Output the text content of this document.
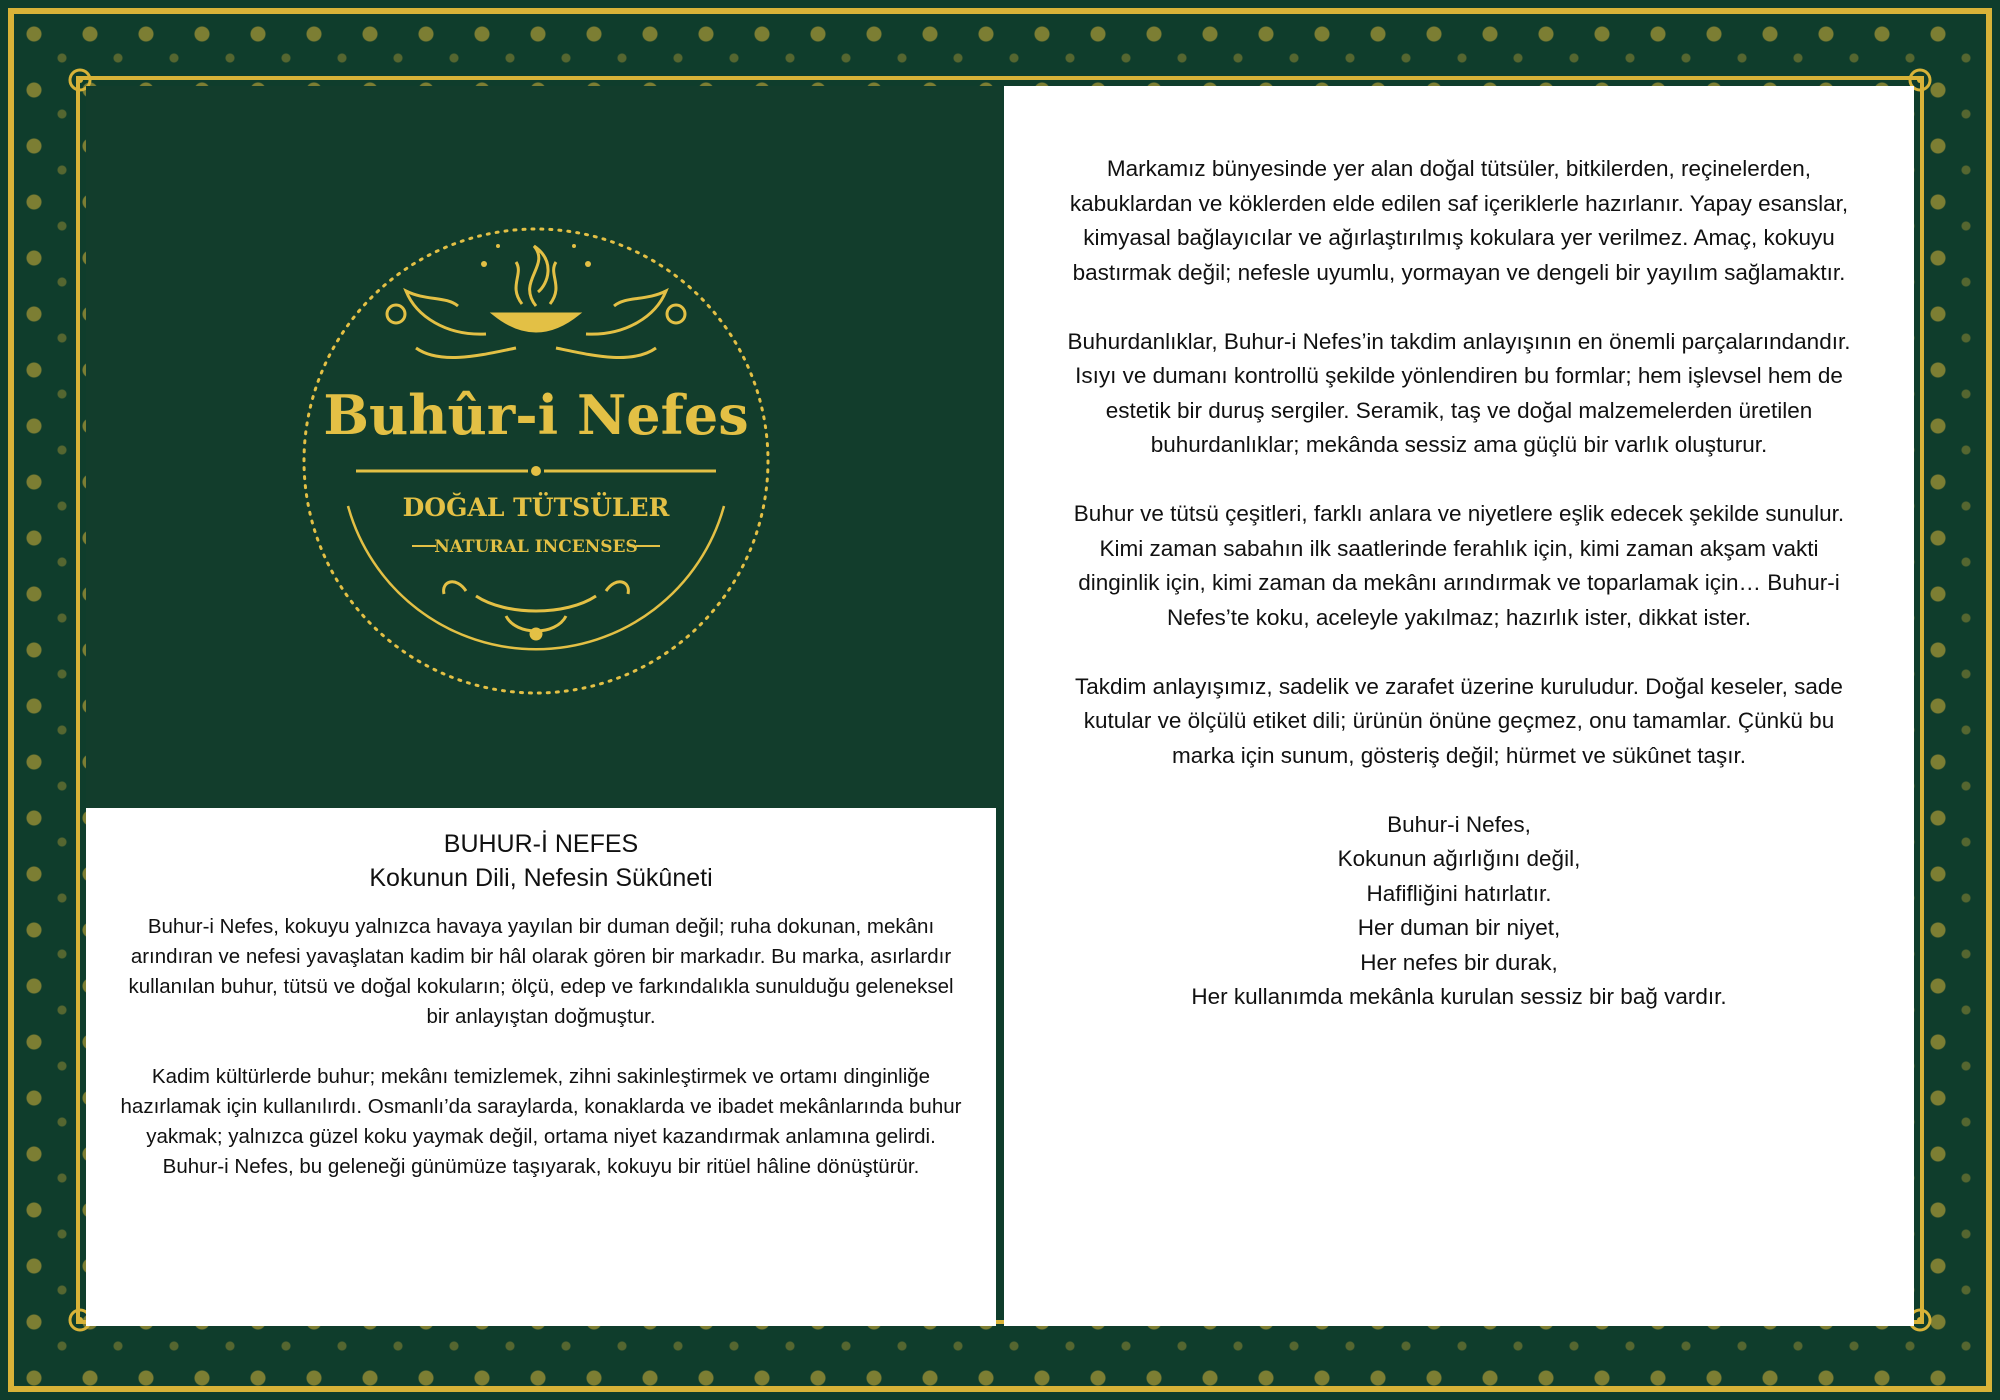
Buhûr-i Nefes
DOĞAL TÜTSÜLER
NATURAL INCENSES
BUHUR-İ NEFES
Kokunun Dili, Nefesin Sükûneti

Buhur-i Nefes, kokuyu yalnızca havaya yayılan bir duman değil; ruha dokunan, mekânı arındıran ve nefesi yavaşlatan kadim bir hâl olarak gören bir markadır. Bu marka, asırlardır kullanılan buhur, tütsü ve doğal kokuların; ölçü, edep ve farkındalıkla sunulduğu geleneksel bir anlayıştan doğmuştur.

Kadim kültürlerde buhur; mekânı temizlemek, zihni sakinleştirmek ve ortamı dinginliğe hazırlamak için kullanılırdı. Osmanlı’da saraylarda, konaklarda ve ibadet mekânlarında buhur yakmak; yalnızca güzel koku yaymak değil, ortama niyet kazandırmak anlamına gelirdi. Buhur-i Nefes, bu geleneği günümüze taşıyarak, kokuyu bir ritüel hâline dönüştürür.

Markamız bünyesinde yer alan doğal tütsüler, bitkilerden, reçinelerden, kabuklardan ve köklerden elde edilen saf içeriklerle hazırlanır. Yapay esanslar, kimyasal bağlayıcılar ve ağırlaştırılmış kokulara yer verilmez. Amaç, kokuyu bastırmak değil; nefesle uyumlu, yormayan ve dengeli bir yayılım sağlamaktır.

Buhurdanlıklar, Buhur-i Nefes’in takdim anlayışının en önemli parçalarındandır. Isıyı ve dumanı kontrollü şekilde yönlendiren bu formlar; hem işlevsel hem de estetik bir duruş sergiler. Seramik, taş ve doğal malzemelerden üretilen buhurdanlıklar; mekânda sessiz ama güçlü bir varlık oluşturur.

Buhur ve tütsü çeşitleri, farklı anlara ve niyetlere eşlik edecek şekilde sunulur. Kimi zaman sabahın ilk saatlerinde ferahlık için, kimi zaman akşam vakti dinginlik için, kimi zaman da mekânı arındırmak ve toparlamak için… Buhur-i Nefes’te koku, aceleyle yakılmaz; hazırlık ister, dikkat ister.

Takdim anlayışımız, sadelik ve zarafet üzerine kuruludur. Doğal keseler, sade kutular ve ölçülü etiket dili; ürünün önüne geçmez, onu tamamlar. Çünkü bu marka için sunum, gösteriş değil; hürmet ve sükûnet taşır.

Buhur-i Nefes,
Kokunun ağırlığını değil,
Hafifliğini hatırlatır.
Her duman bir niyet,
Her nefes bir durak,
Her kullanımda mekânla kurulan sessiz bir bağ vardır.
